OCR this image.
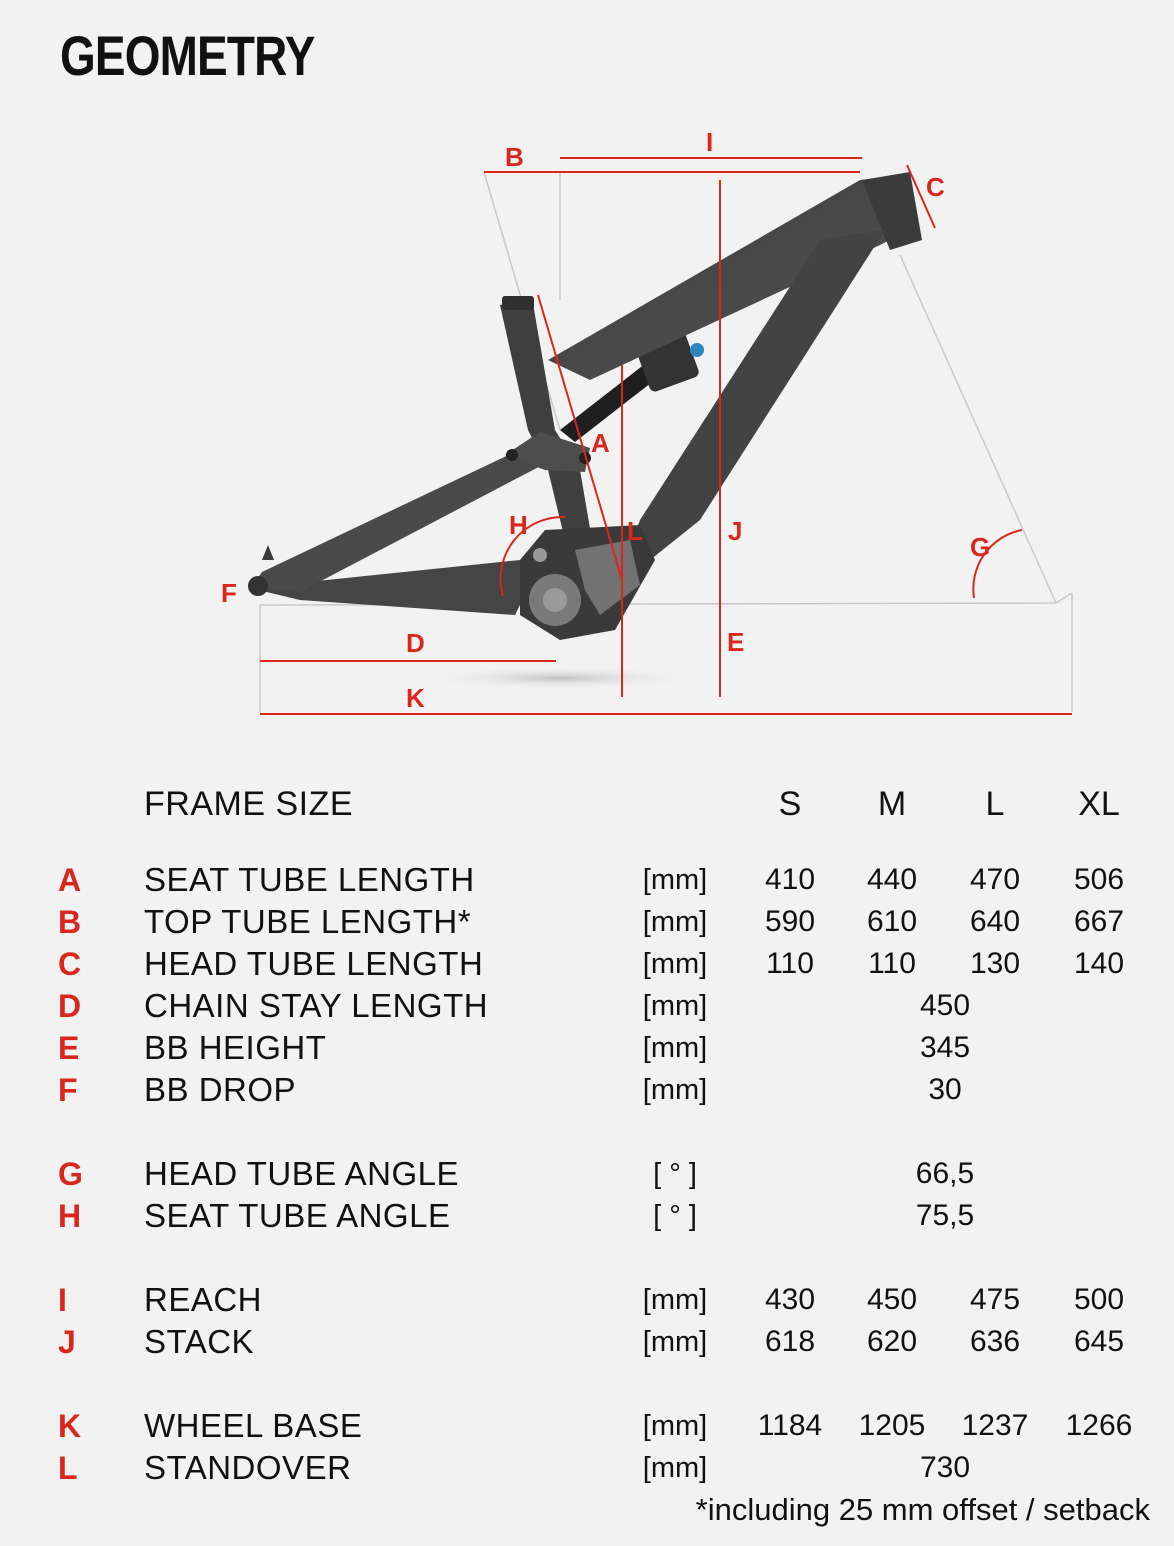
GEOMETRY
B	I
C
A
H	L	J
G
F
E
D
K
FRAME SIZE	S	M	L	XL
A	SEAT TUBE LENGTH	[mm]	410	440	470	506
B	TOP TUBE LENGTH*	[mm]	590	610	640	667
C	HEAD TUBE LENGTH	[mm]	110	110	130	140
D	CHAIN STAY LENGTH	[mm]	450
E	BB HEIGHT	[mm]	345
F	BB DROP	[mm]	30
G	HEAD TUBE ANGLE	[ ° ]	66,5
H	SEAT TUBE ANGLE	[ ° ]	75,5
I	REACH	[mm]	430	450	475	500
J	STACK	[mm]	618	620	636	645
K	WHEEL BASE	[mm]	1184	1205	1237	1266
L	STANDOVER	[mm]	730
*including 25 mm offset / setback
